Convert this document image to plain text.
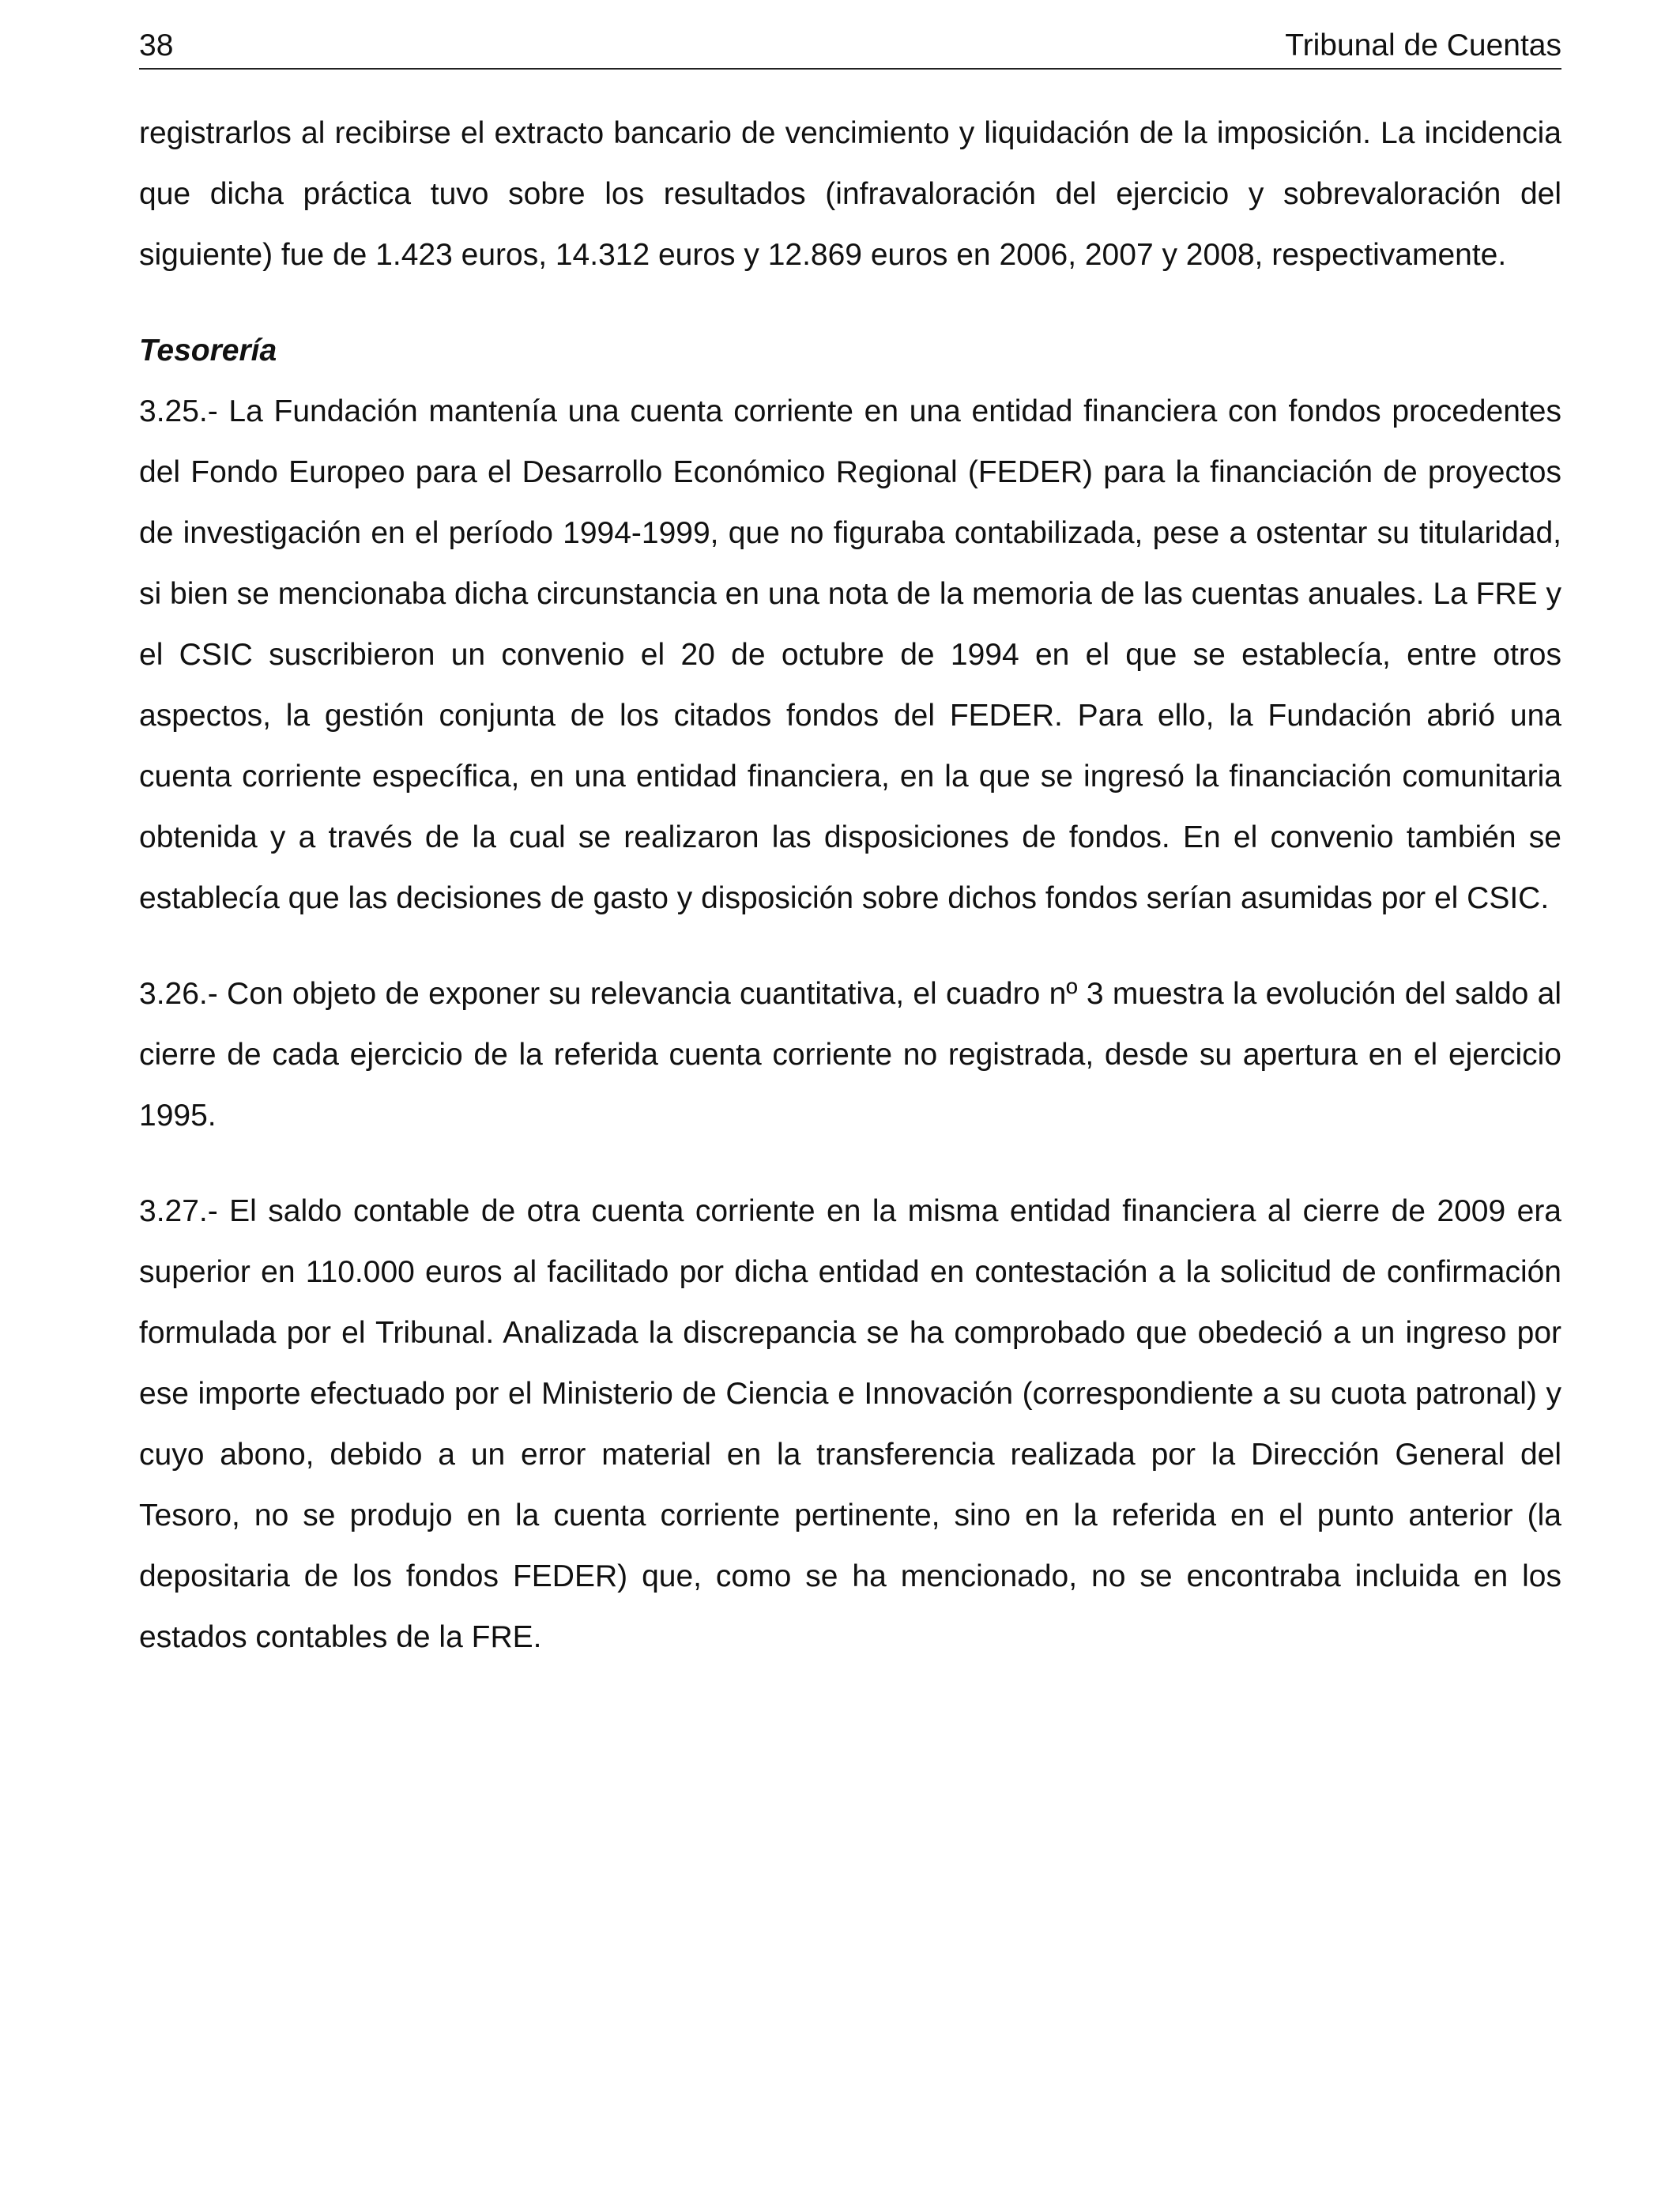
38	Tribunal de Cuentas

registrarlos al recibirse el extracto bancario de vencimiento y liquidación de la imposición. La incidencia que dicha práctica tuvo sobre los resultados (infravaloración del ejercicio y sobrevaloración del siguiente) fue de 1.423 euros, 14.312 euros y 12.869 euros en 2006, 2007 y 2008, respectivamente.

Tesorería

3.25.- La Fundación mantenía una cuenta corriente en una entidad financiera con fondos procedentes del Fondo Europeo para el Desarrollo Económico Regional (FEDER) para la financiación de proyectos de investigación en el período 1994-1999, que no figuraba contabilizada, pese a ostentar su titularidad, si bien se mencionaba dicha circunstancia en una nota de la memoria de las cuentas anuales. La FRE y el CSIC suscribieron un convenio el 20 de octubre de 1994 en el que se establecía, entre otros aspectos, la gestión conjunta de los citados fondos del FEDER. Para ello, la Fundación abrió una cuenta corriente específica, en una entidad financiera, en la que se ingresó la financiación comunitaria obtenida y a través de la cual se realizaron las disposiciones de fondos. En el convenio también se establecía que las decisiones de gasto y disposición sobre dichos fondos serían asumidas por el CSIC.

3.26.- Con objeto de exponer su relevancia cuantitativa, el cuadro nº 3 muestra la evolución del saldo al cierre de cada ejercicio de la referida cuenta corriente no registrada, desde su apertura en el ejercicio 1995.

3.27.- El saldo contable de otra cuenta corriente en la misma entidad financiera al cierre de 2009 era superior en 110.000 euros al facilitado por dicha entidad en contestación a la solicitud de confirmación formulada por el Tribunal. Analizada la discrepancia se ha comprobado que obedeció a un ingreso por ese importe efectuado por el Ministerio de Ciencia e Innovación (correspondiente a su cuota patronal) y cuyo abono, debido a un error material en la transferencia realizada por la Dirección General del Tesoro, no se produjo en la cuenta corriente pertinente, sino en la referida en el punto anterior (la depositaria de los fondos FEDER) que, como se ha mencionado, no se encontraba incluida en los estados contables de la FRE.
